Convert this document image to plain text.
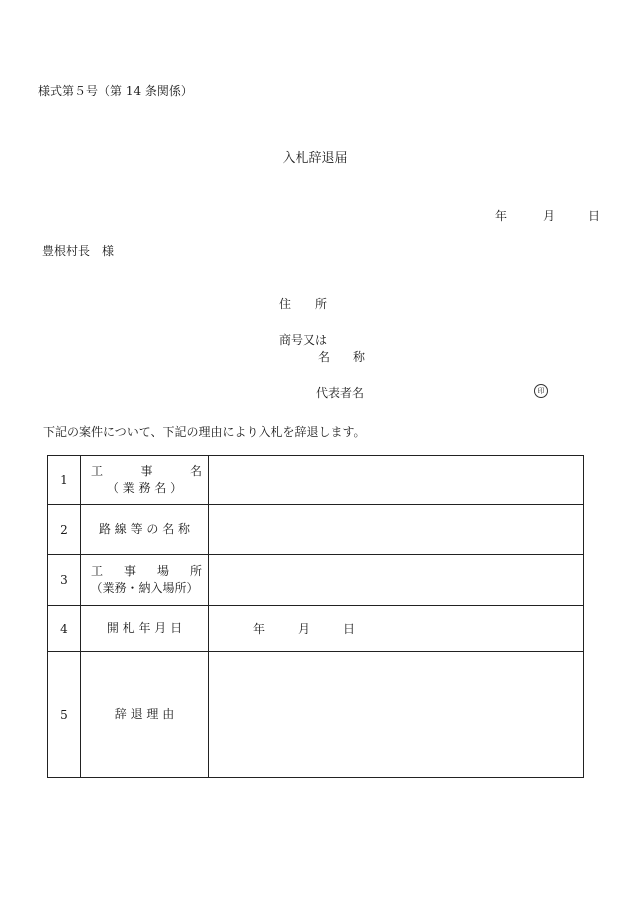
様式第５号（第 14 条関係）
入札辞退届
年	月	日
豊根村長　様
住 所
商号又は
名 称
代表者名	印
下記の案件について、下記の理由により入札を辞退します。
1	工 事 名
（ 業 務 名 ）	

2	路 線 等 の 名 称	
3	工 事 場 所
（業務・納入場所）	

4	開 札 年 月 日	年 月 日

5	辞 退 理 由	
